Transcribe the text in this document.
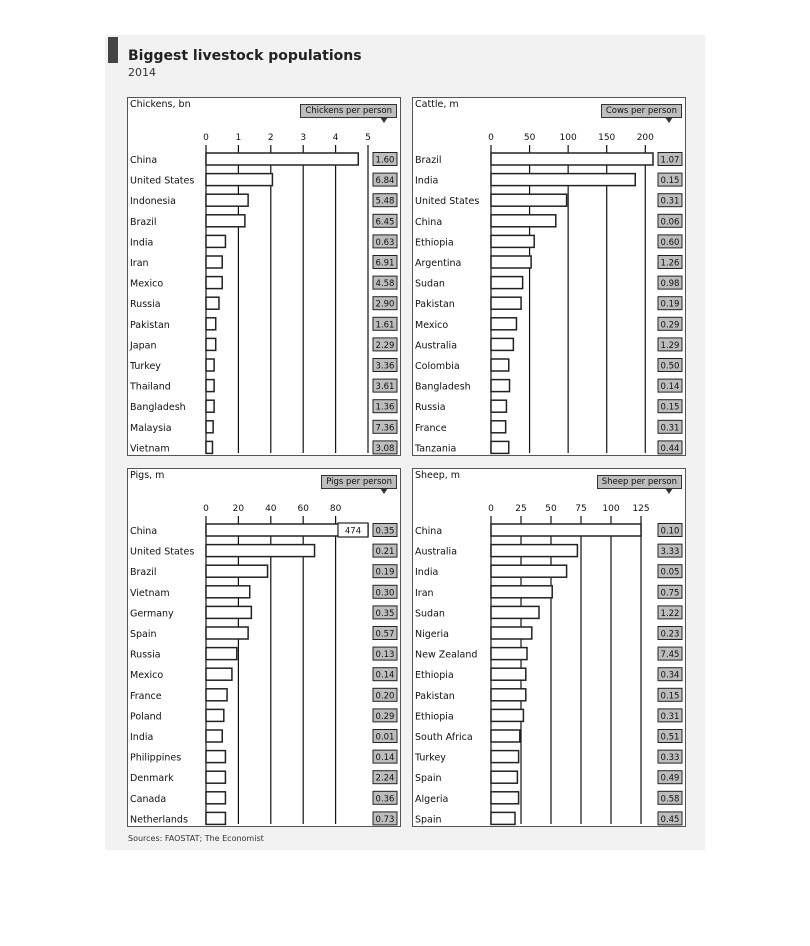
Biggest livestock populations
2014
Chickens, bn
Chickens per person
0	1	2	3	4	5
China	1.60
United States	6.84
Indonesia	5.48
Brazil	6.45
India	0.63
Iran	6.91
Mexico	4.58
Russia	2.90
Pakistan	1.61
Japan	2.29
Turkey	3.36
Thailand	3.61
Bangladesh	1.36
Malaysia	7.36
Vietnam	3.08
Cattle, m
Cows per person
0	50	100 150 200
Brazil	1.07
India	0.15
United States	0.31
China	0.06
Ethiopia	0.60
Argentina	1.26
Sudan	0.98
Pakistan	0.19
Mexico	0.29
Australia	1.29
Colombia	0.50
Bangladesh	0.14
Russia	0.15
France	0.31
Tanzania	0.44
Pigs, m
Pigs per person
0	20 40 60 80
China	0.35
United States	0.21
Brazil	0.19
Vietnam	0.30
Germany	0.35
Spain	0.57
Russia	0.13
Mexico	0.14
France	0.20
Poland	0.29
India	0.01
Philippines	0.14
Denmark	2.24
Canada	0.36
Netherlands	0.73
474
Sheep, m
Sheep per person
0 25 50 75 100 125
China	0.10
Australia	3.33
India	0.05
Iran	0.75
Sudan	1.22
Nigeria	0.23
New Zealand	7.45
Ethiopia	0.34
Pakistan	0.15
Ethiopia	0.31
South Africa	0.51
Turkey	0.33
Spain	0.49
Algeria	0.58
Spain	0.45
Sources: FAOSTAT; The Economist
